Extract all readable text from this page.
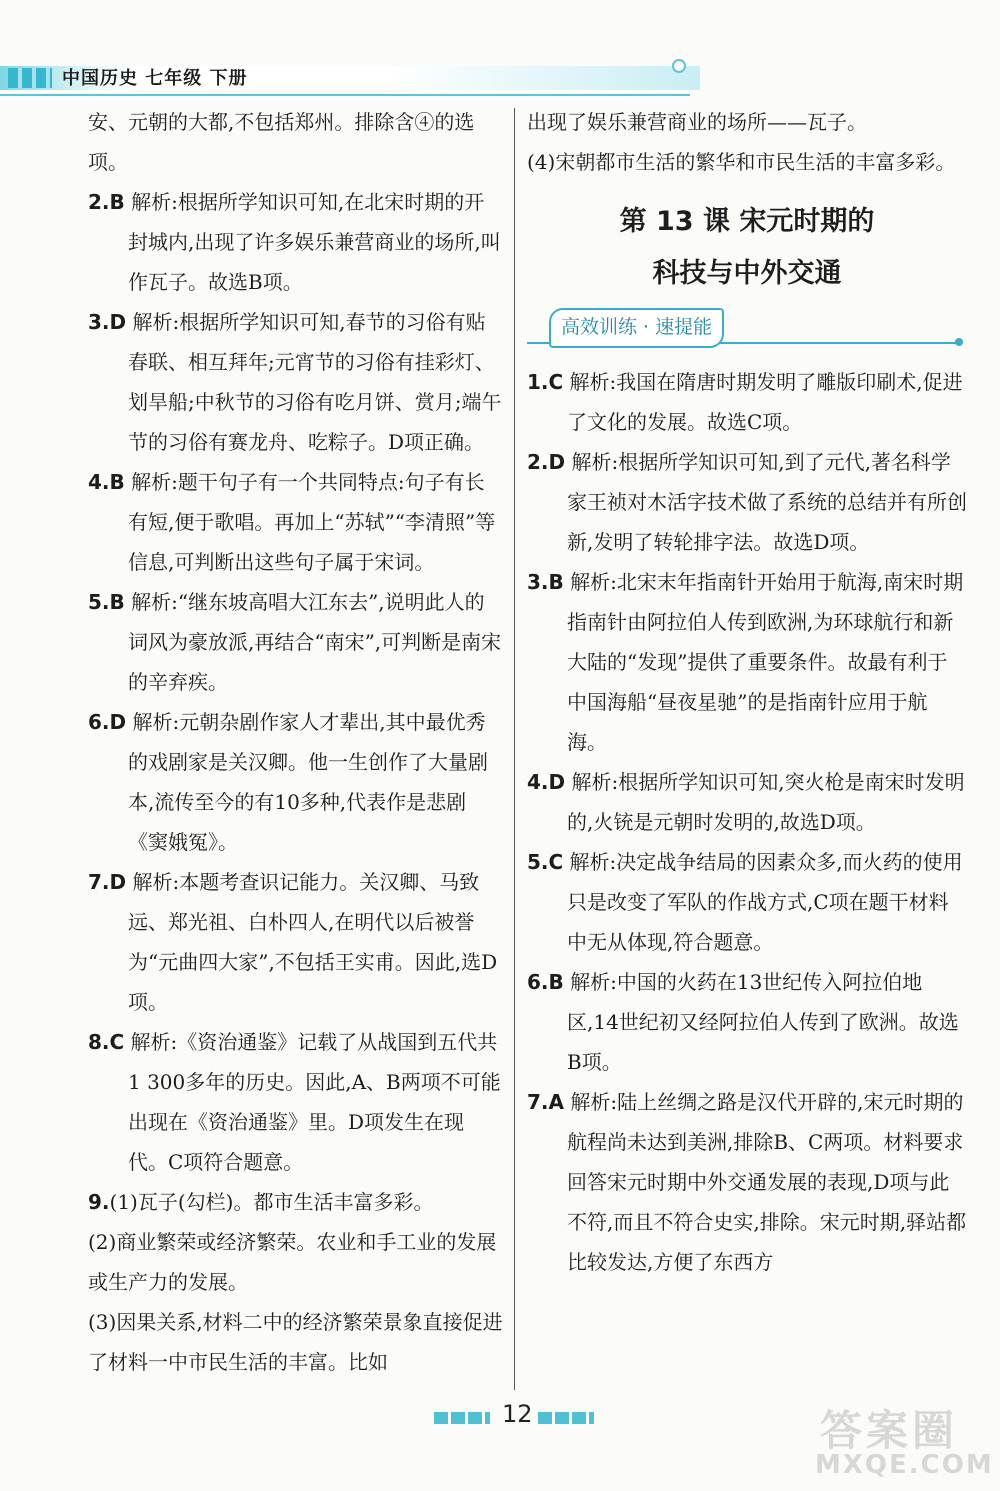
中国历史 七年级 下册

安、元朝的大都,不包括郑州。排除含④的选项。

2.B 解析:根据所学知识可知,在北宋时期的开封城内,出现了许多娱乐兼营商业的场所,叫作瓦子。故选B项。

3.D 解析:根据所学知识可知,春节的习俗有贴春联、相互拜年;元宵节的习俗有挂彩灯、划旱船;中秋节的习俗有吃月饼、赏月;端午节的习俗有赛龙舟、吃粽子。D项正确。

4.B 解析:题干句子有一个共同特点:句子有长有短,便于歌唱。再加上“苏轼”“李清照”等信息,可判断出这些句子属于宋词。

5.B 解析:“继东坡高唱大江东去”,说明此人的词风为豪放派,再结合“南宋”,可判断是南宋的辛弃疾。

6.D 解析:元朝杂剧作家人才辈出,其中最优秀的戏剧家是关汉卿。他一生创作了大量剧本,流传至今的有10多种,代表作是悲剧《窦娥冤》。

7.D 解析:本题考查识记能力。关汉卿、马致远、郑光祖、白朴四人,在明代以后被誉为“元曲四大家”,不包括王实甫。因此,选D项。

8.C 解析:《资治通鉴》记载了从战国到五代共1 300多年的历史。因此,A、B两项不可能出现在《资治通鉴》里。D项发生在现代。C项符合题意。

9.(1)瓦子(勾栏)。都市生活丰富多彩。

(2)商业繁荣或经济繁荣。农业和手工业的发展或生产力的发展。

(3)因果关系,材料二中的经济繁荣景象直接促进了材料一中市民生活的丰富。比如

出现了娱乐兼营商业的场所——瓦子。

(4)宋朝都市生活的繁华和市民生活的丰富多彩。

第 13 课 宋元时期的
科技与中外交通
高效训练 · 速提能

1.C 解析:我国在隋唐时期发明了雕版印刷术,促进了文化的发展。故选C项。

2.D 解析:根据所学知识可知,到了元代,著名科学家王祯对木活字技术做了系统的总结并有所创新,发明了转轮排字法。故选D项。

3.B 解析:北宋末年指南针开始用于航海,南宋时期指南针由阿拉伯人传到欧洲,为环球航行和新大陆的“发现”提供了重要条件。故最有利于中国海船“昼夜星驰”的是指南针应用于航海。

4.D 解析:根据所学知识可知,突火枪是南宋时发明的,火铳是元朝时发明的,故选D项。

5.C 解析:决定战争结局的因素众多,而火药的使用只是改变了军队的作战方式,C项在题干材料中无从体现,符合题意。

6.B 解析:中国的火药在13世纪传入阿拉伯地区,14世纪初又经阿拉伯人传到了欧洲。故选B项。

7.A 解析:陆上丝绸之路是汉代开辟的,宋元时期的航程尚未达到美洲,排除B、C两项。材料要求回答宋元时期中外交通发展的表现,D项与此不符,而且不符合史实,排除。宋元时期,驿站都比较发达,方便了东西方

12	答案圈
MXQE.COM
